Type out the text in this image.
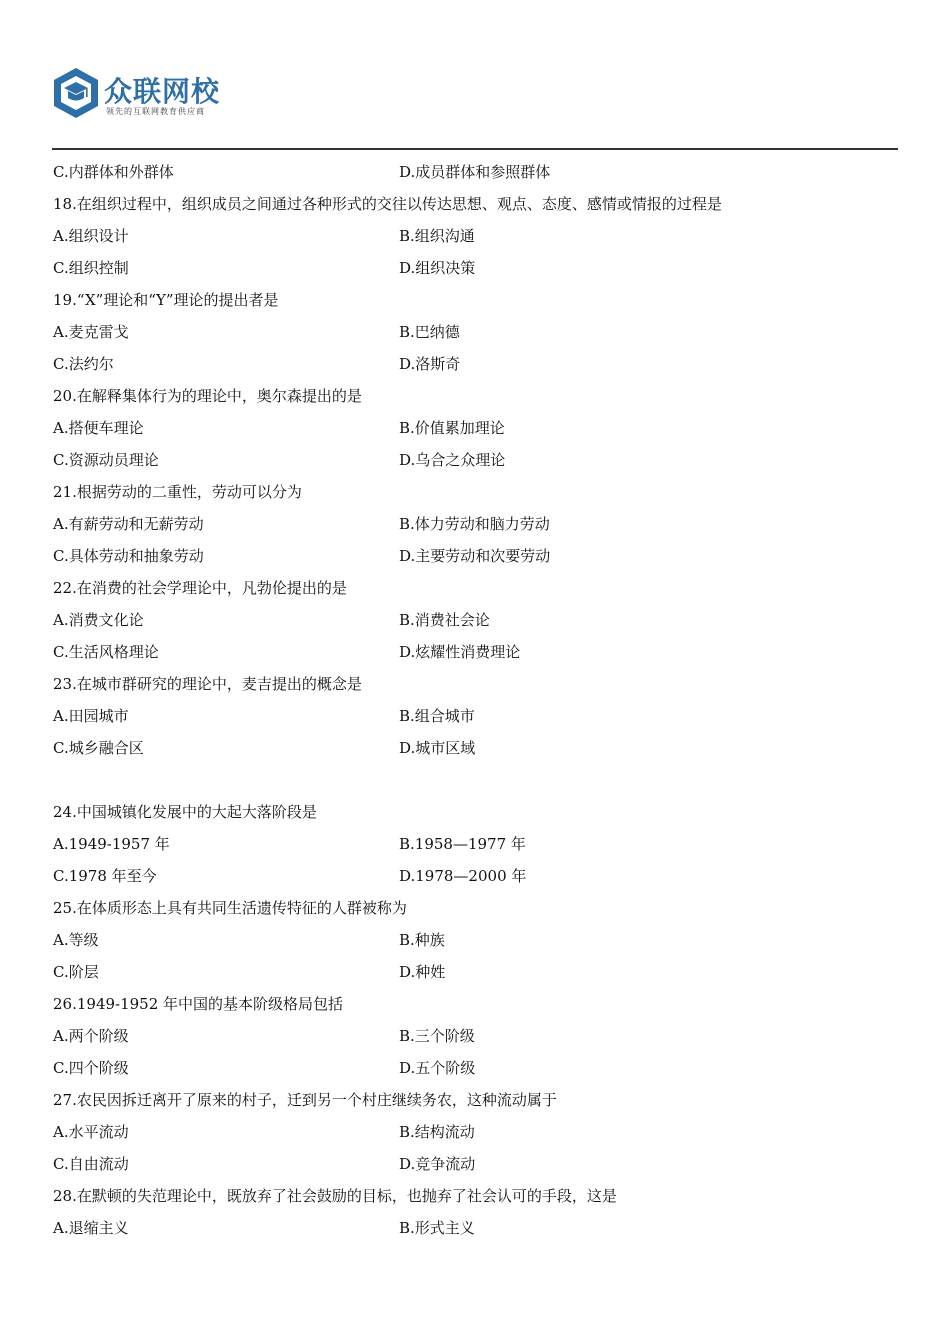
众联网校
领先的互联网教育供应商
C.内群体和外群体	D.成员群体和参照群体
18.在组织过程中，组织成员之间通过各种形式的交往以传达思想、观点、态度、感情或情报的过程是
A.组织设计	B.组织沟通
C.组织控制	D.组织决策
19.“X”理论和“Y”理论的提出者是
A.麦克雷戈	B.巴纳德
C.法约尔	D.洛斯奇
20.在解释集体行为的理论中，奥尔森提出的是
A.搭便车理论	B.价值累加理论
C.资源动员理论	D.乌合之众理论
21.根据劳动的二重性，劳动可以分为
A.有薪劳动和无薪劳动	B.体力劳动和脑力劳动
C.具体劳动和抽象劳动	D.主要劳动和次要劳动
22.在消费的社会学理论中，凡勃伦提出的是
A.消费文化论	B.消费社会论
C.生活风格理论	D.炫耀性消费理论
23.在城市群研究的理论中，麦吉提出的概念是
A.田园城市	B.组合城市
C.城乡融合区	D.城市区域
24.中国城镇化发展中的大起大落阶段是
A.1949-1957 年	B.1958—1977 年
C.1978 年至今	D.1978—2000 年
25.在体质形态上具有共同生活遗传特征的人群被称为
A.等级	B.种族
C.阶层	D.种姓
26.1949-1952 年中国的基本阶级格局包括
A.两个阶级	B.三个阶级
C.四个阶级	D.五个阶级
27.农民因拆迁离开了原来的村子，迁到另一个村庄继续务农，这种流动属于
A.水平流动	B.结构流动
C.自由流动	D.竞争流动
28.在默顿的失范理论中，既放弃了社会鼓励的目标，也抛弃了社会认可的手段，这是
A.退缩主义	B.形式主义
